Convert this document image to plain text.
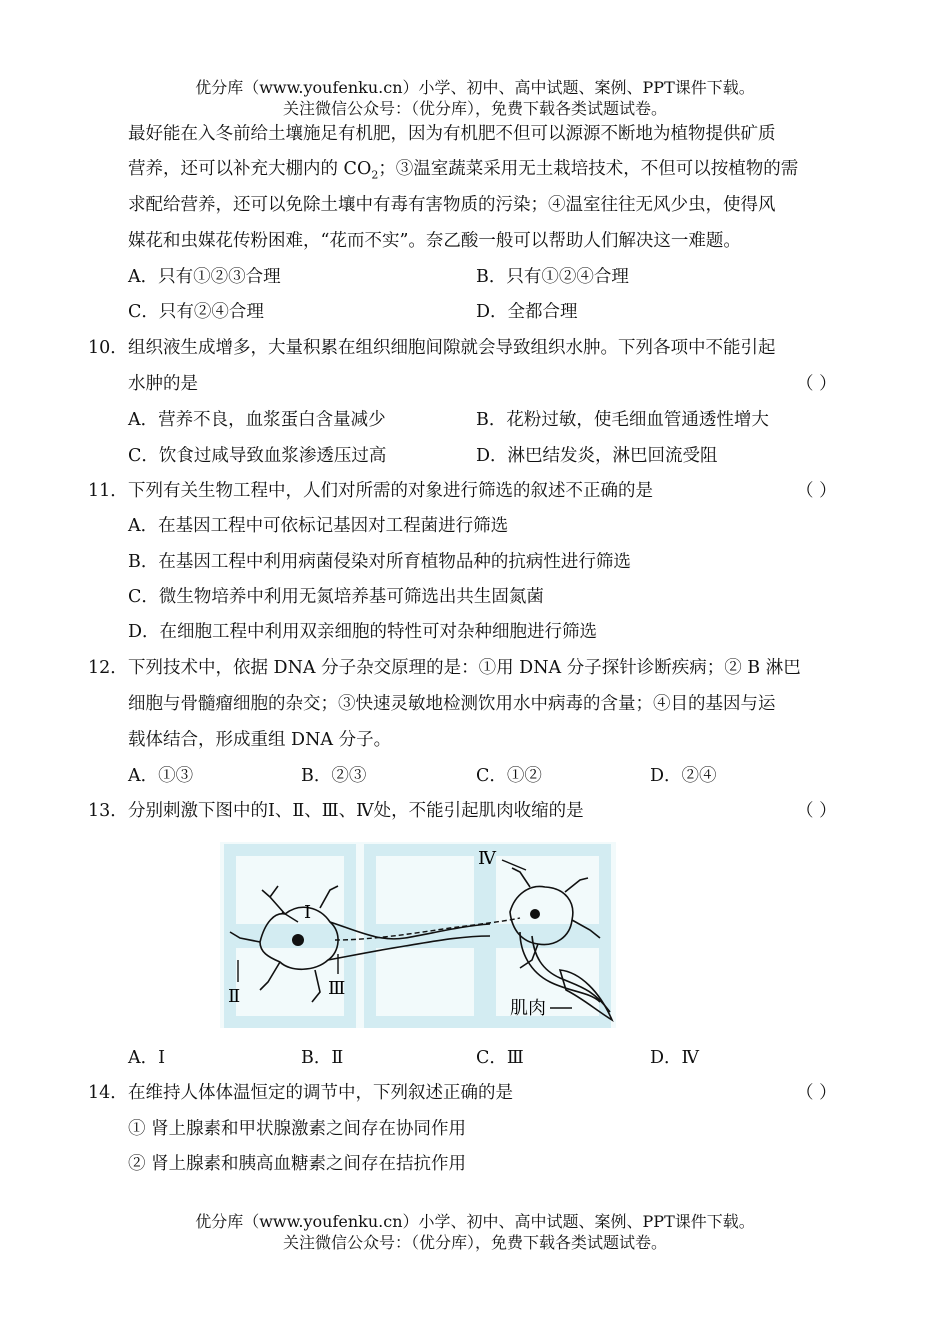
优分库（www.youfenku.cn）小学、初中、高中试题、案例、PPT课件下载。
关注微信公众号：（优分库），免费下载各类试题试卷。
最好能在入冬前给土壤施足有机肥，因为有机肥不但可以源源不断地为植物提供矿质
营养，还可以补充大棚内的 $CO_2$；③温室蔬菜采用无土栽培技术，不但可以按植物的需
求配给营养，还可以免除土壤中有毒有害物质的污染；④温室往往无风少虫，使得风
媒花和虫媒花传粉困难，“花而不实”。奈乙酸一般可以帮助人们解决这一难题。
A．只有①②③合理	B．只有①②④合理
C．只有②④合理	D．全都合理
10． 组织液生成增多，大量积累在组织细胞间隙就会导致组织水肿。下列各项中不能引起
水肿的是	（ ）
A．营养不良，血浆蛋白含量减少	B．花粉过敏，使毛细血管通透性增大
C．饮食过咸导致血浆渗透压过高	D．淋巴结发炎，淋巴回流受阻
11． 下列有关生物工程中，人们对所需的对象进行筛选的叙述不正确的是	（ ）
A．在基因工程中可依标记基因对工程菌进行筛选
B．在基因工程中利用病菌侵染对所育植物品种的抗病性进行筛选
C．微生物培养中利用无氮培养基可筛选出共生固氮菌
D．在细胞工程中利用双亲细胞的特性可对杂种细胞进行筛选
12． 下列技术中，依据 DNA 分子杂交原理的是：①用 DNA 分子探针诊断疾病；② B 淋巴
细胞与骨髓瘤细胞的杂交；③快速灵敏地检测饮用水中病毒的含量；④目的基因与运
载体结合，形成重组 DNA 分子。
A．①③	B．②③	C．①②	D．②④
13． 分别刺激下图中的Ⅰ、Ⅱ、Ⅲ、Ⅳ处，不能引起肌肉收缩的是	（ ）
Ⅰ
Ⅱ	Ⅲ
Ⅳ
肌肉
A．Ⅰ	B．Ⅱ	C．Ⅲ	D．Ⅳ
14． 在维持人体体温恒定的调节中，下列叙述正确的是	（ ）
① 肾上腺素和甲状腺激素之间存在协同作用
② 肾上腺素和胰高血糖素之间存在拮抗作用
优分库（www.youfenku.cn）小学、初中、高中试题、案例、PPT课件下载。
关注微信公众号：（优分库），免费下载各类试题试卷。
